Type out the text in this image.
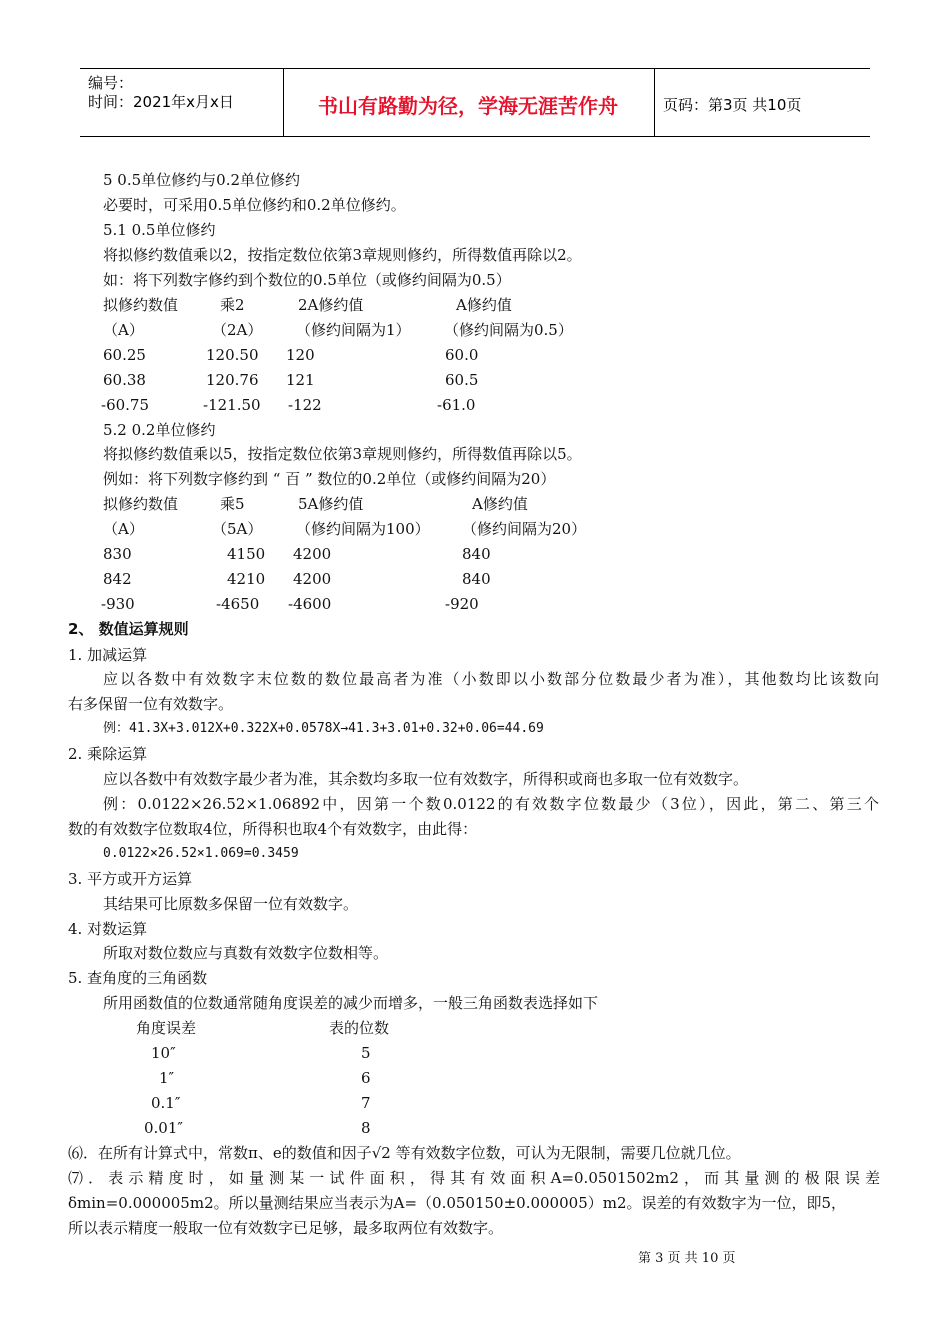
编号：
时间：2021年x月x日	书山有路勤为径，学海无涯苦作舟	页码：第3页 共10页
5 0.5单位修约与0.2单位修约
必要时，可采用0.5单位修约和0.2单位修约。
5.1 0.5单位修约
将拟修约数值乘以2，按指定数位依第3章规则修约，所得数值再除以2。
如：将下列数字修约到个数位的0.5单位（或修约间隔为0.5）
拟修约数值	乘2	2A修约值	A修约值
（A）	（2A） （修约间隔为1） （修约间隔为0.5）
60.25	120.50 120	60.0
60.38	120.76 121	60.5
-60.75	-121.50 -122	-61.0
5.2 0.2单位修约
将拟修约数值乘以5，按指定数位依第3章规则修约，所得数值再除以5。
例如：将下列数字修约到 “ 百 ” 数位的0.2单位（或修约间隔为20）
拟修约数值	乘5	5A修约值	A修约值
（A）	（5A） （修约间隔为100） （修约间隔为20）
830	4150 4200	840
842	4210 4200	840
-930	-4650 -4600	-920
2、 数值运算规则
1. 加减运算
应以各数中有效数字末位数的数位最高者为准（小数即以小数部分位数最少者为准），其他数均比该数向
右多保留一位有效数字。
例：41.3X+3.012X+0.322X+0.0578X→41.3+3.01+0.32+0.06=44.69
2. 乘除运算
应以各数中有效数字最少者为准，其余数均多取一位有效数字，所得积或商也多取一位有效数字。
例：0.0122×26.52×1.06892中，因第一个数0.0122的有效数字位数最少（3位），因此，第二、第三个
数的有效数字位数取4位，所得积也取4个有效数字，由此得：
0.0122×26.52×1.069=0.3459
3. 平方或开方运算
其结果可比原数多保留一位有效数字。
4. 对数运算
所取对数位数应与真数有效数字位数相等。
5. 查角度的三角函数
所用函数值的位数通常随角度误差的减少而增多，一般三角函数表选择如下
角度误差	表的位数
10″	5
1″	6
0.1″	7
0.01″	8
⑹．在所有计算式中，常数π、e的数值和因子√2 等有效数字位数，可认为无限制，需要几位就几位。
⑺．表示精度时，如量测某一试件面积，得其有效面积A=0.0501502m2，而其量测的极限误差
δmin=0.000005m2。所以量测结果应当表示为A=（0.050150±0.000005）m2。误差的有效数字为一位，即5，
所以表示精度一般取一位有效数字已足够，最多取两位有效数字。
第 3 页 共 10 页
